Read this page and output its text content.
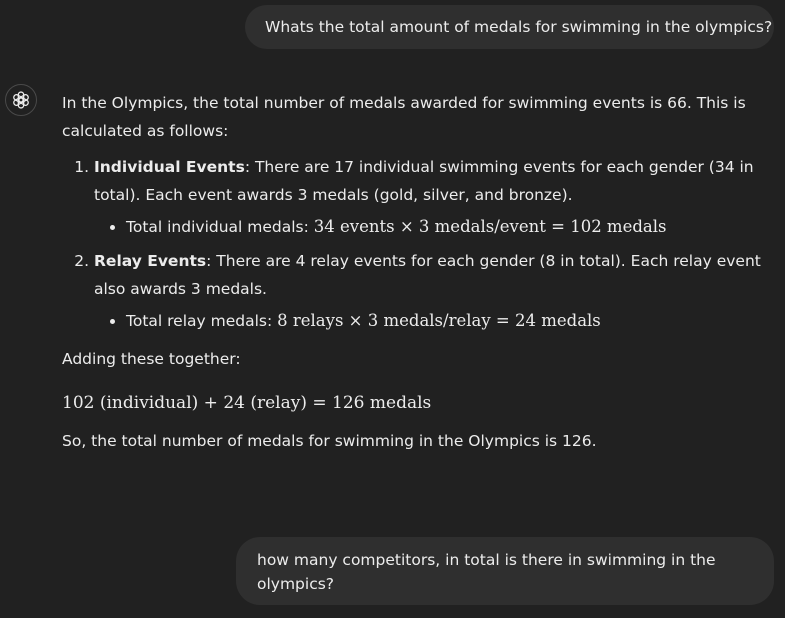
Whats the total amount of medals for swimming in the olympics?

In the Olympics, the total number of medals awarded for swimming events is 66. This is calculated as follows:

1. Individual Events: There are 17 individual swimming events for each gender (34 in total). Each event awards 3 medals (gold, silver, and bronze).
• Total individual medals: 34 events × 3 medals/event = 102 medals
2. Relay Events: There are 4 relay events for each gender (8 in total). Each relay event also awards 3 medals.
• Total relay medals: 8 relays × 3 medals/relay = 24 medals

Adding these together:

102 (individual) + 24 (relay) = 126 medals

So, the total number of medals for swimming in the Olympics is 126.

how many competitors, in total is there in swimming in the olympics?
